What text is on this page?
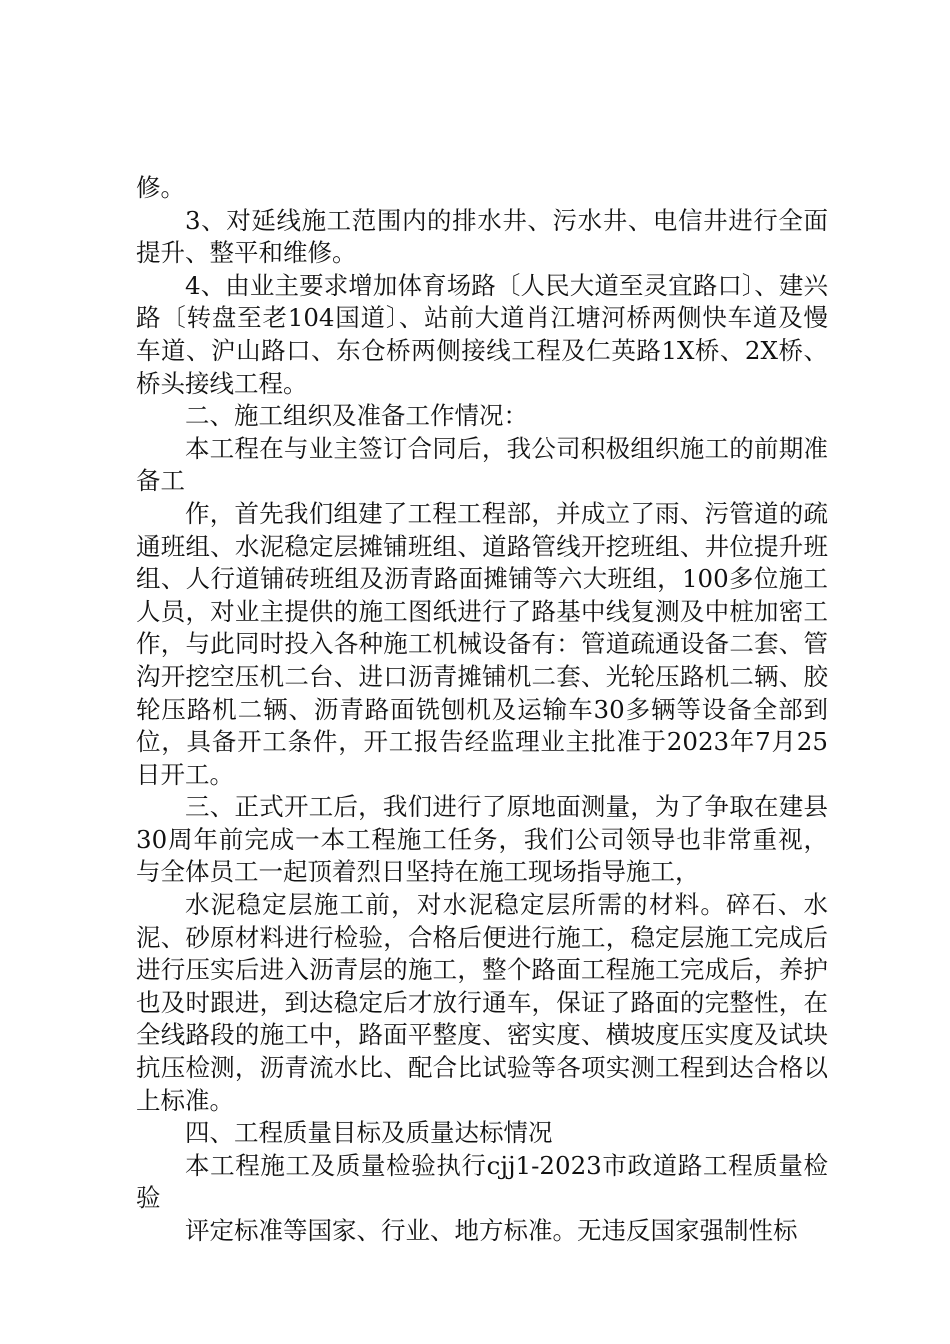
修。

3、对延线施工范围内的排水井、污水井、电信井进行全面提升、整平和维修。

4、由业主要求增加体育场路〔人民大道至灵宜路口〕、建兴路〔转盘至老104国道〕、站前大道肖江塘河桥两侧快车道及慢车道、沪山路口、东仓桥两侧接线工程及仁英路1X桥、2X桥、桥头接线工程。

二、施工组织及准备工作情况：

本工程在与业主签订合同后，我公司积极组织施工的前期准备工

作，首先我们组建了工程工程部，并成立了雨、污管道的疏通班组、水泥稳定层摊铺班组、道路管线开挖班组、井位提升班组、人行道铺砖班组及沥青路面摊铺等六大班组，100多位施工人员，对业主提供的施工图纸进行了路基中线复测及中桩加密工作，与此同时投入各种施工机械设备有：管道疏通设备二套、管沟开挖空压机二台、进口沥青摊铺机二套、光轮压路机二辆、胶轮压路机二辆、沥青路面铣刨机及运输车30多辆等设备全部到位，具备开工条件，开工报告经监理业主批准于2023年7月25日开工。

三、正式开工后，我们进行了原地面测量，为了争取在建县30周年前完成一本工程施工任务，我们公司领导也非常重视，与全体员工一起顶着烈日坚持在施工现场指导施工，

水泥稳定层施工前，对水泥稳定层所需的材料。碎石、水泥、砂原材料进行检验，合格后便进行施工，稳定层施工完成后进行压实后进入沥青层的施工，整个路面工程施工完成后，养护也及时跟进，到达稳定后才放行通车，保证了路面的完整性，在全线路段的施工中，路面平整度、密实度、横坡度压实度及试块抗压检测，沥青流水比、配合比试验等各项实测工程到达合格以上标准。

四、工程质量目标及质量达标情况

本工程施工及质量检验执行cjj1-2023市政道路工程质量检验

评定标准等国家、行业、地方标准。无违反国家强制性标
